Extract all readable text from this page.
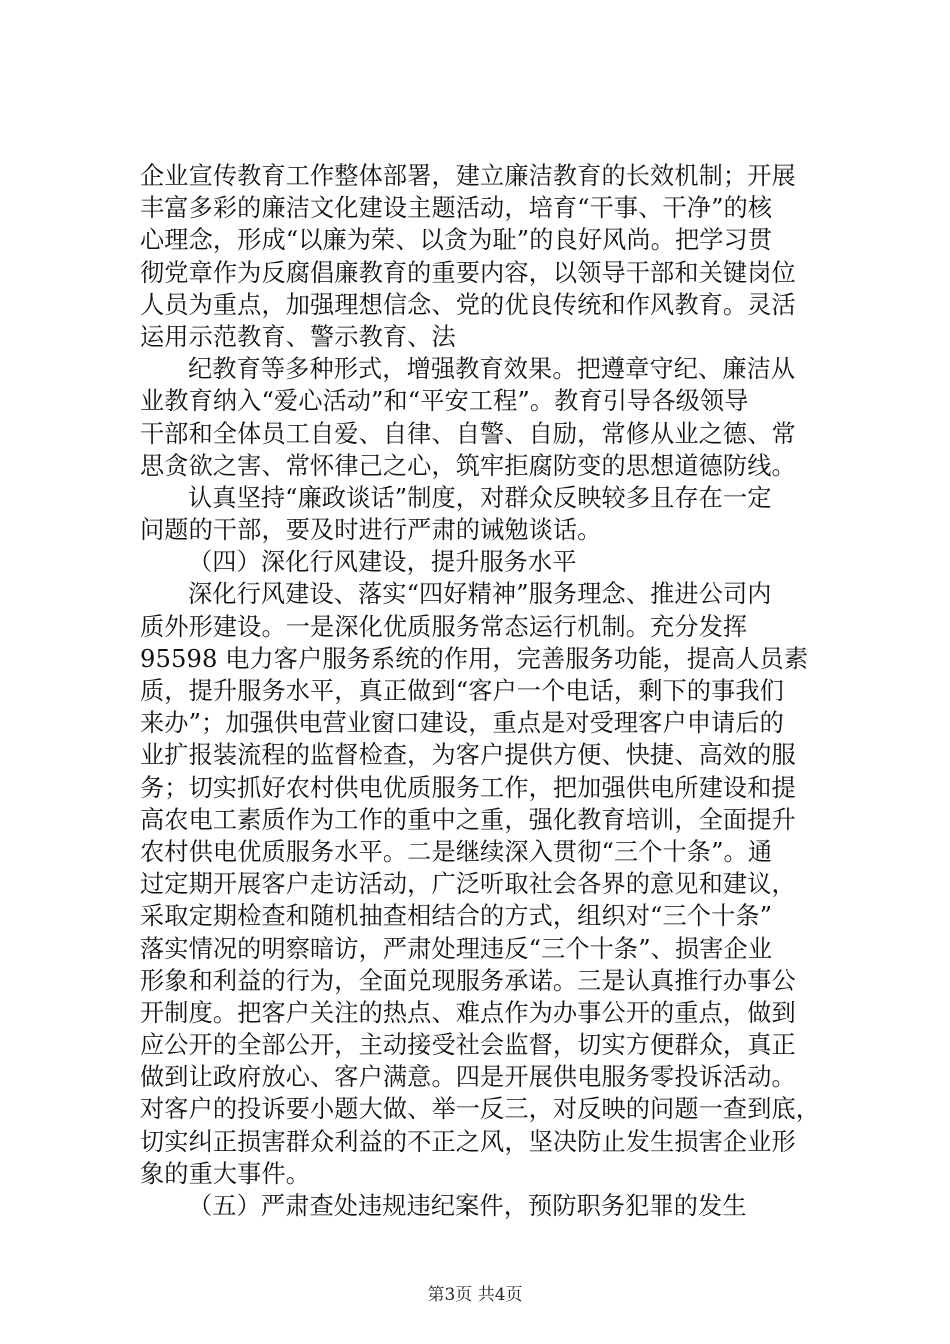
企业宣传教育工作整体部署，建立廉洁教育的长效机制；开展
丰富多彩的廉洁文化建设主题活动，培育“干事、干净”的核
心理念，形成“以廉为荣、以贪为耻”的良好风尚。把学习贯
彻党章作为反腐倡廉教育的重要内容，以领导干部和关键岗位
人员为重点，加强理想信念、党的优良传统和作风教育。灵活
运用示范教育、警示教育、法
纪教育等多种形式，增强教育效果。把遵章守纪、廉洁从
业教育纳入“爱心活动”和“平安工程”。教育引导各级领导
干部和全体员工自爱、自律、自警、自励，常修从业之德、常
思贪欲之害、常怀律己之心，筑牢拒腐防变的思想道德防线。
认真坚持“廉政谈话”制度，对群众反映较多且存在一定
问题的干部，要及时进行严肃的诫勉谈话。
（四）深化行风建设，提升服务水平
深化行风建设、落实“四好精神”服务理念、推进公司内
质外形建设。一是深化优质服务常态运行机制。充分发挥
95598 电力客户服务系统的作用，完善服务功能，提高人员素
质，提升服务水平，真正做到“客户一个电话，剩下的事我们
来办”；加强供电营业窗口建设，重点是对受理客户申请后的
业扩报装流程的监督检查，为客户提供方便、快捷、高效的服
务；切实抓好农村供电优质服务工作，把加强供电所建设和提
高农电工素质作为工作的重中之重，强化教育培训，全面提升
农村供电优质服务水平。二是继续深入贯彻“三个十条”。通
过定期开展客户走访活动，广泛听取社会各界的意见和建议，
采取定期检查和随机抽查相结合的方式，组织对“三个十条”
落实情况的明察暗访，严肃处理违反“三个十条”、损害企业
形象和利益的行为，全面兑现服务承诺。三是认真推行办事公
开制度。把客户关注的热点、难点作为办事公开的重点，做到
应公开的全部公开，主动接受社会监督，切实方便群众，真正
做到让政府放心、客户满意。四是开展供电服务零投诉活动。
对客户的投诉要小题大做、举一反三，对反映的问题一查到底，
切实纠正损害群众利益的不正之风，坚决防止发生损害企业形
象的重大事件。
（五）严肃查处违规违纪案件，预防职务犯罪的发生
第3页 共4页
